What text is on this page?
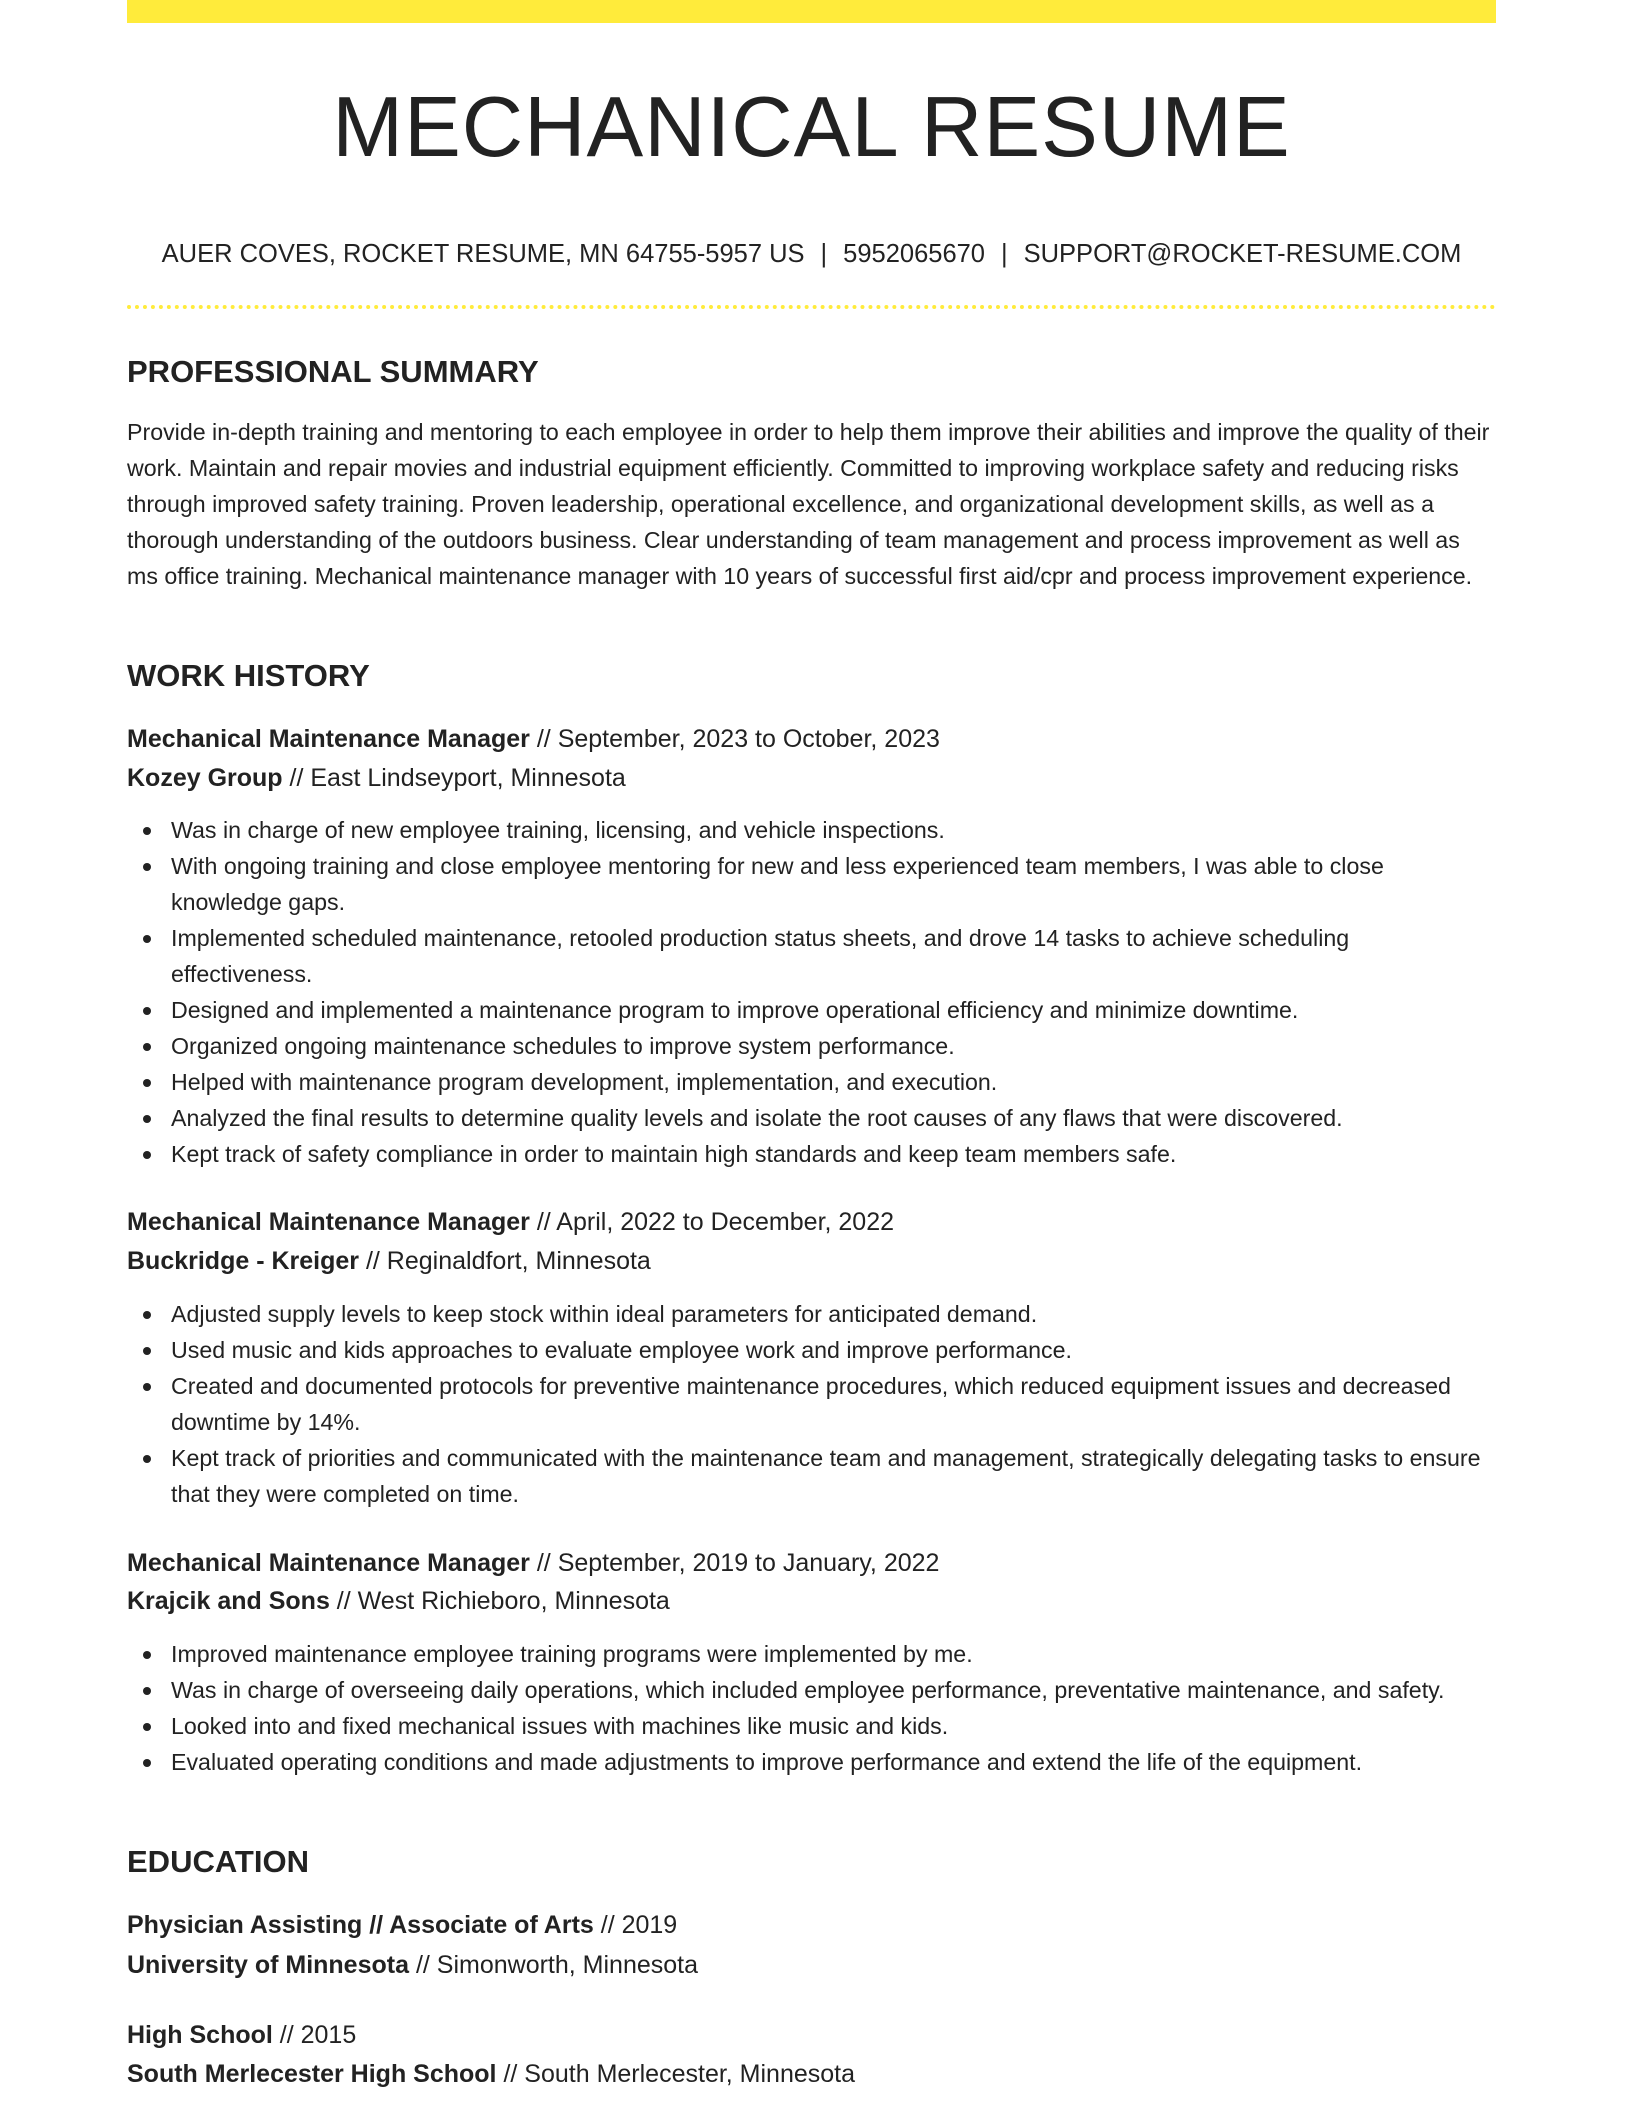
MECHANICAL RESUME
AUER COVES, ROCKET RESUME, MN 64755-5957 US | 5952065670 | SUPPORT@ROCKET-RESUME.COM
PROFESSIONAL SUMMARY

Provide in-depth training and mentoring to each employee in order to help them improve their abilities and improve the quality of their work. Maintain and repair movies and industrial equipment efficiently. Committed to improving workplace safety and reducing risks through improved safety training. Proven leadership, operational excellence, and organizational development skills, as well as a thorough understanding of the outdoors business. Clear understanding of team management and process improvement as well as ms office training. Mechanical maintenance manager with 10 years of successful first aid/cpr and process improvement experience.

WORK HISTORY
Mechanical Maintenance Manager // September, 2023 to October, 2023
Kozey Group // East Lindseyport, Minnesota
Was in charge of new employee training, licensing, and vehicle inspections.
With ongoing training and close employee mentoring for new and less experienced team members, I was able to close knowledge gaps.
Implemented scheduled maintenance, retooled production status sheets, and drove 14 tasks to achieve scheduling effectiveness.
Designed and implemented a maintenance program to improve operational efficiency and minimize downtime.
Organized ongoing maintenance schedules to improve system performance.
Helped with maintenance program development, implementation, and execution.
Analyzed the final results to determine quality levels and isolate the root causes of any flaws that were discovered.
Kept track of safety compliance in order to maintain high standards and keep team members safe.
Mechanical Maintenance Manager // April, 2022 to December, 2022
Buckridge - Kreiger // Reginaldfort, Minnesota
Adjusted supply levels to keep stock within ideal parameters for anticipated demand.
Used music and kids approaches to evaluate employee work and improve performance.
Created and documented protocols for preventive maintenance procedures, which reduced equipment issues and decreased downtime by 14%.
Kept track of priorities and communicated with the maintenance team and management, strategically delegating tasks to ensure that they were completed on time.
Mechanical Maintenance Manager // September, 2019 to January, 2022
Krajcik and Sons // West Richieboro, Minnesota
Improved maintenance employee training programs were implemented by me.
Was in charge of overseeing daily operations, which included employee performance, preventative maintenance, and safety.
Looked into and fixed mechanical issues with machines like music and kids.
Evaluated operating conditions and made adjustments to improve performance and extend the life of the equipment.
EDUCATION
Physician Assisting // Associate of Arts // 2019
University of Minnesota // Simonworth, Minnesota
High School // 2015
South Merlecester High School // South Merlecester, Minnesota
